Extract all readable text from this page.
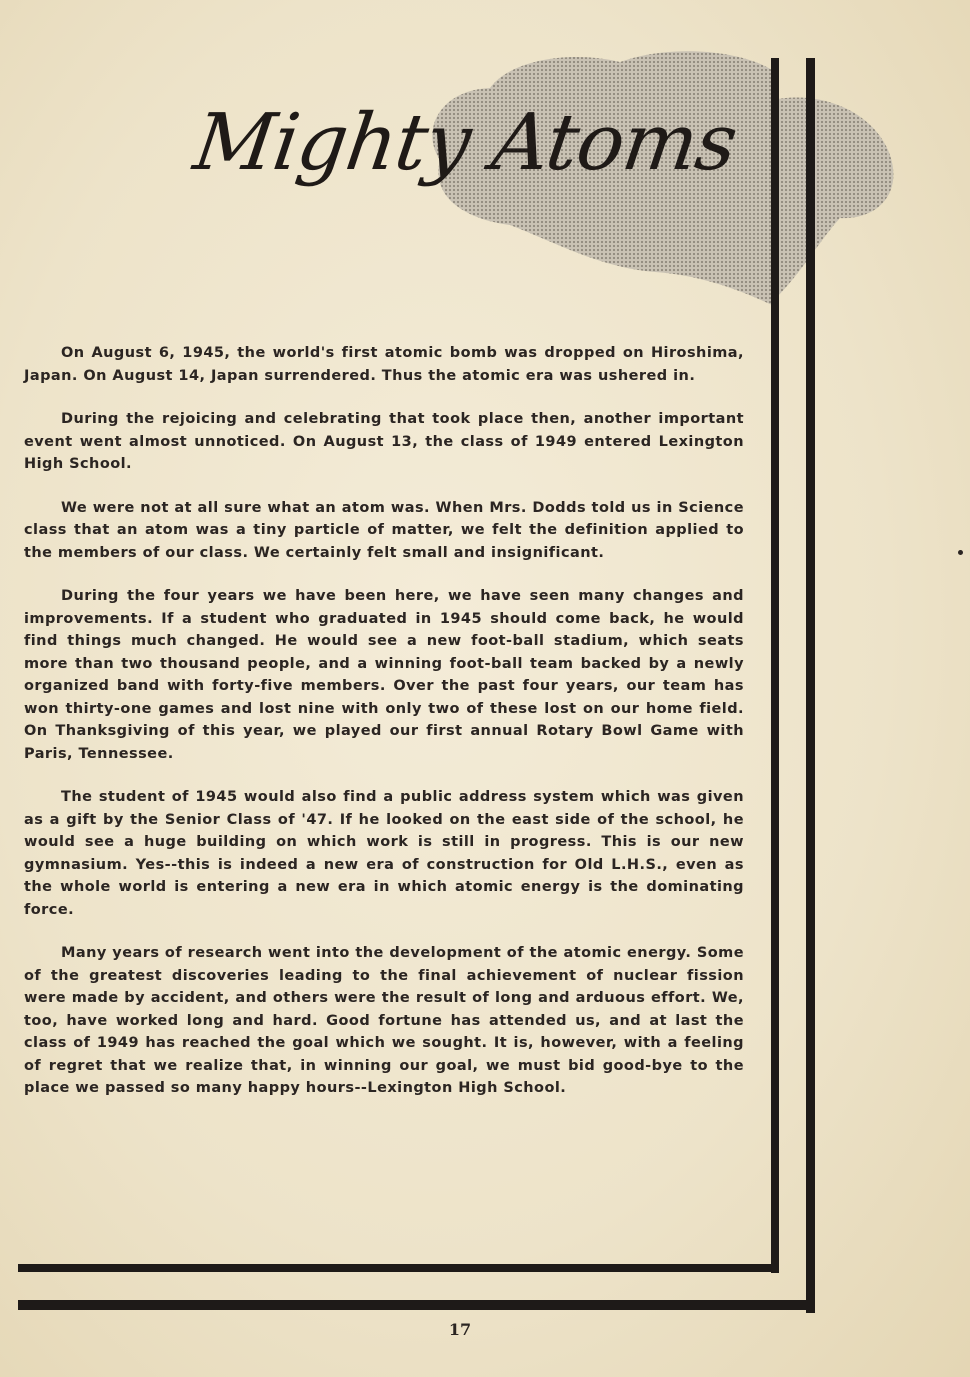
Mighty Atoms

On August 6, 1945, the world's first atomic bomb was dropped on Hiroshima, Japan. On August 14, Japan surrendered. Thus the atomic era was ushered in.

During the rejoicing and celebrating that took place then, another important event went almost unnoticed. On August 13, the class of 1949 entered Lexington High School.

We were not at all sure what an atom was. When Mrs. Dodds told us in Science class that an atom was a tiny particle of matter, we felt the definition applied to the members of our class. We certainly felt small and insignificant.

During the four years we have been here, we have seen many changes and improvements. If a student who graduated in 1945 should come back, he would find things much changed. He would see a new foot-ball stadium, which seats more than two thousand people, and a winning foot-ball team backed by a newly organized band with forty-five members. Over the past four years, our team has won thirty-one games and lost nine with only two of these lost on our home field. On Thanksgiving of this year, we played our first annual Rotary Bowl Game with Paris, Tennessee.

The student of 1945 would also find a public address system which was given as a gift by the Senior Class of '47. If he looked on the east side of the school, he would see a huge building on which work is still in progress. This is our new gymnasium. Yes--this is indeed a new era of construction for Old L.H.S., even as the whole world is entering a new era in which atomic energy is the dominating force.

Many years of research went into the development of the atomic energy. Some of the greatest discoveries leading to the final achievement of nuclear fission were made by accident, and others were the result of long and arduous effort. We, too, have worked long and hard. Good fortune has attended us, and at last the class of 1949 has reached the goal which we sought. It is, however, with a feeling of regret that we realize that, in winning our goal, we must bid good-bye to the place we passed so many happy hours--Lexington High School.

17
